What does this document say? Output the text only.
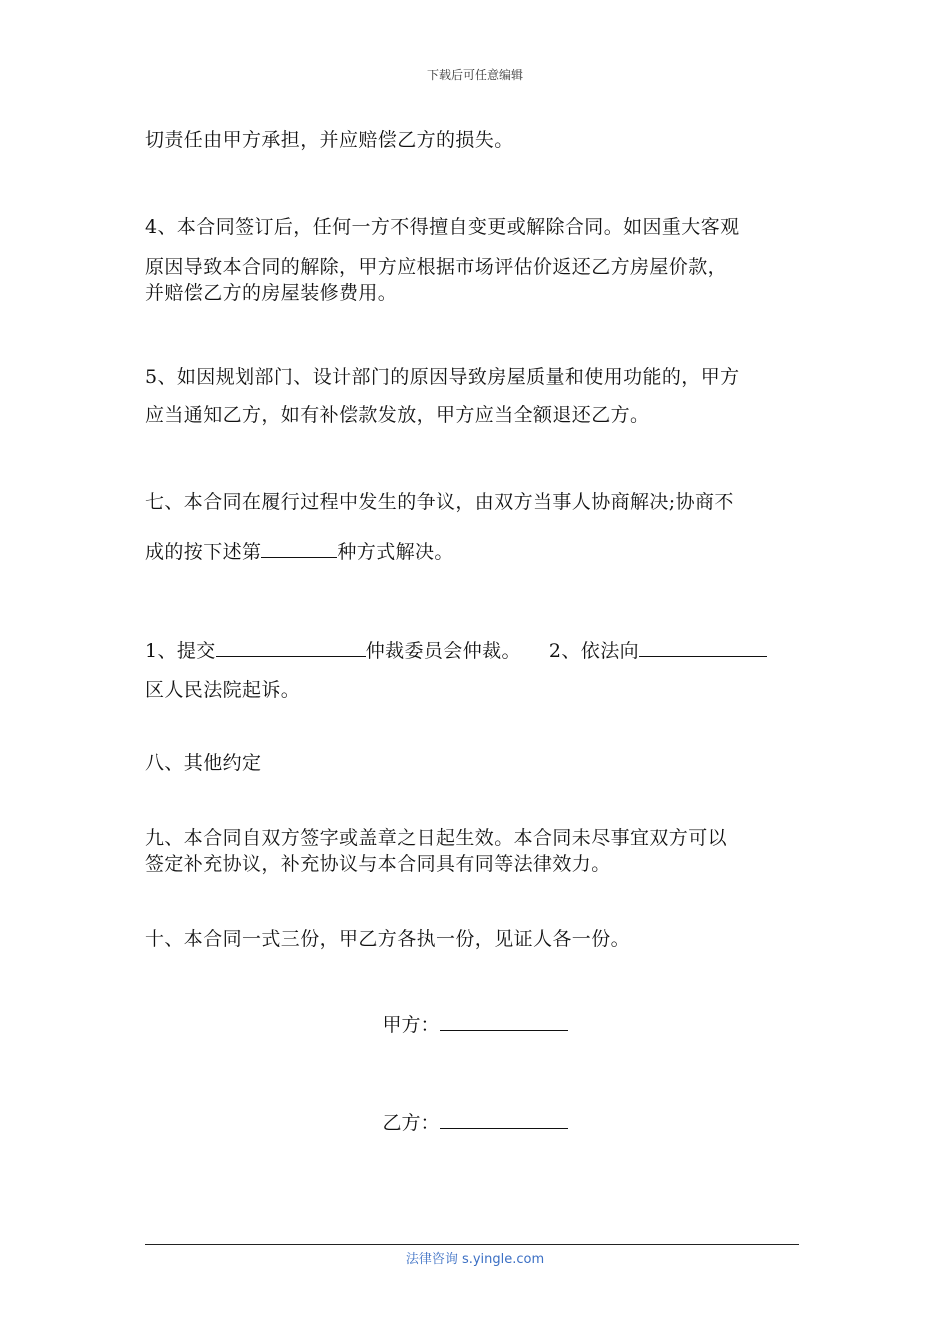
下载后可任意编辑
切责任由甲方承担，并应赔偿乙方的损失。
4、本合同签订后，任何一方不得擅自变更或解除合同。如因重大客观
原因导致本合同的解除，甲方应根据市场评估价返还乙方房屋价款，
并赔偿乙方的房屋装修费用。
5、如因规划部门、设计部门的原因导致房屋质量和使用功能的，甲方
应当通知乙方，如有补偿款发放，甲方应当全额退还乙方。
七、本合同在履行过程中发生的争议，由双方当事人协商解决;协商不
成的按下述第	种方式解决。
1、提交	仲裁委员会仲裁。 2、依法向
区人民法院起诉。
八、其他约定
九、本合同自双方签字或盖章之日起生效。本合同未尽事宜双方可以
签定补充协议，补充协议与本合同具有同等法律效力。
十、本合同一式三份，甲乙方各执一份，见证人各一份。
甲方：
乙方：
法律咨询 s.yingle.com
